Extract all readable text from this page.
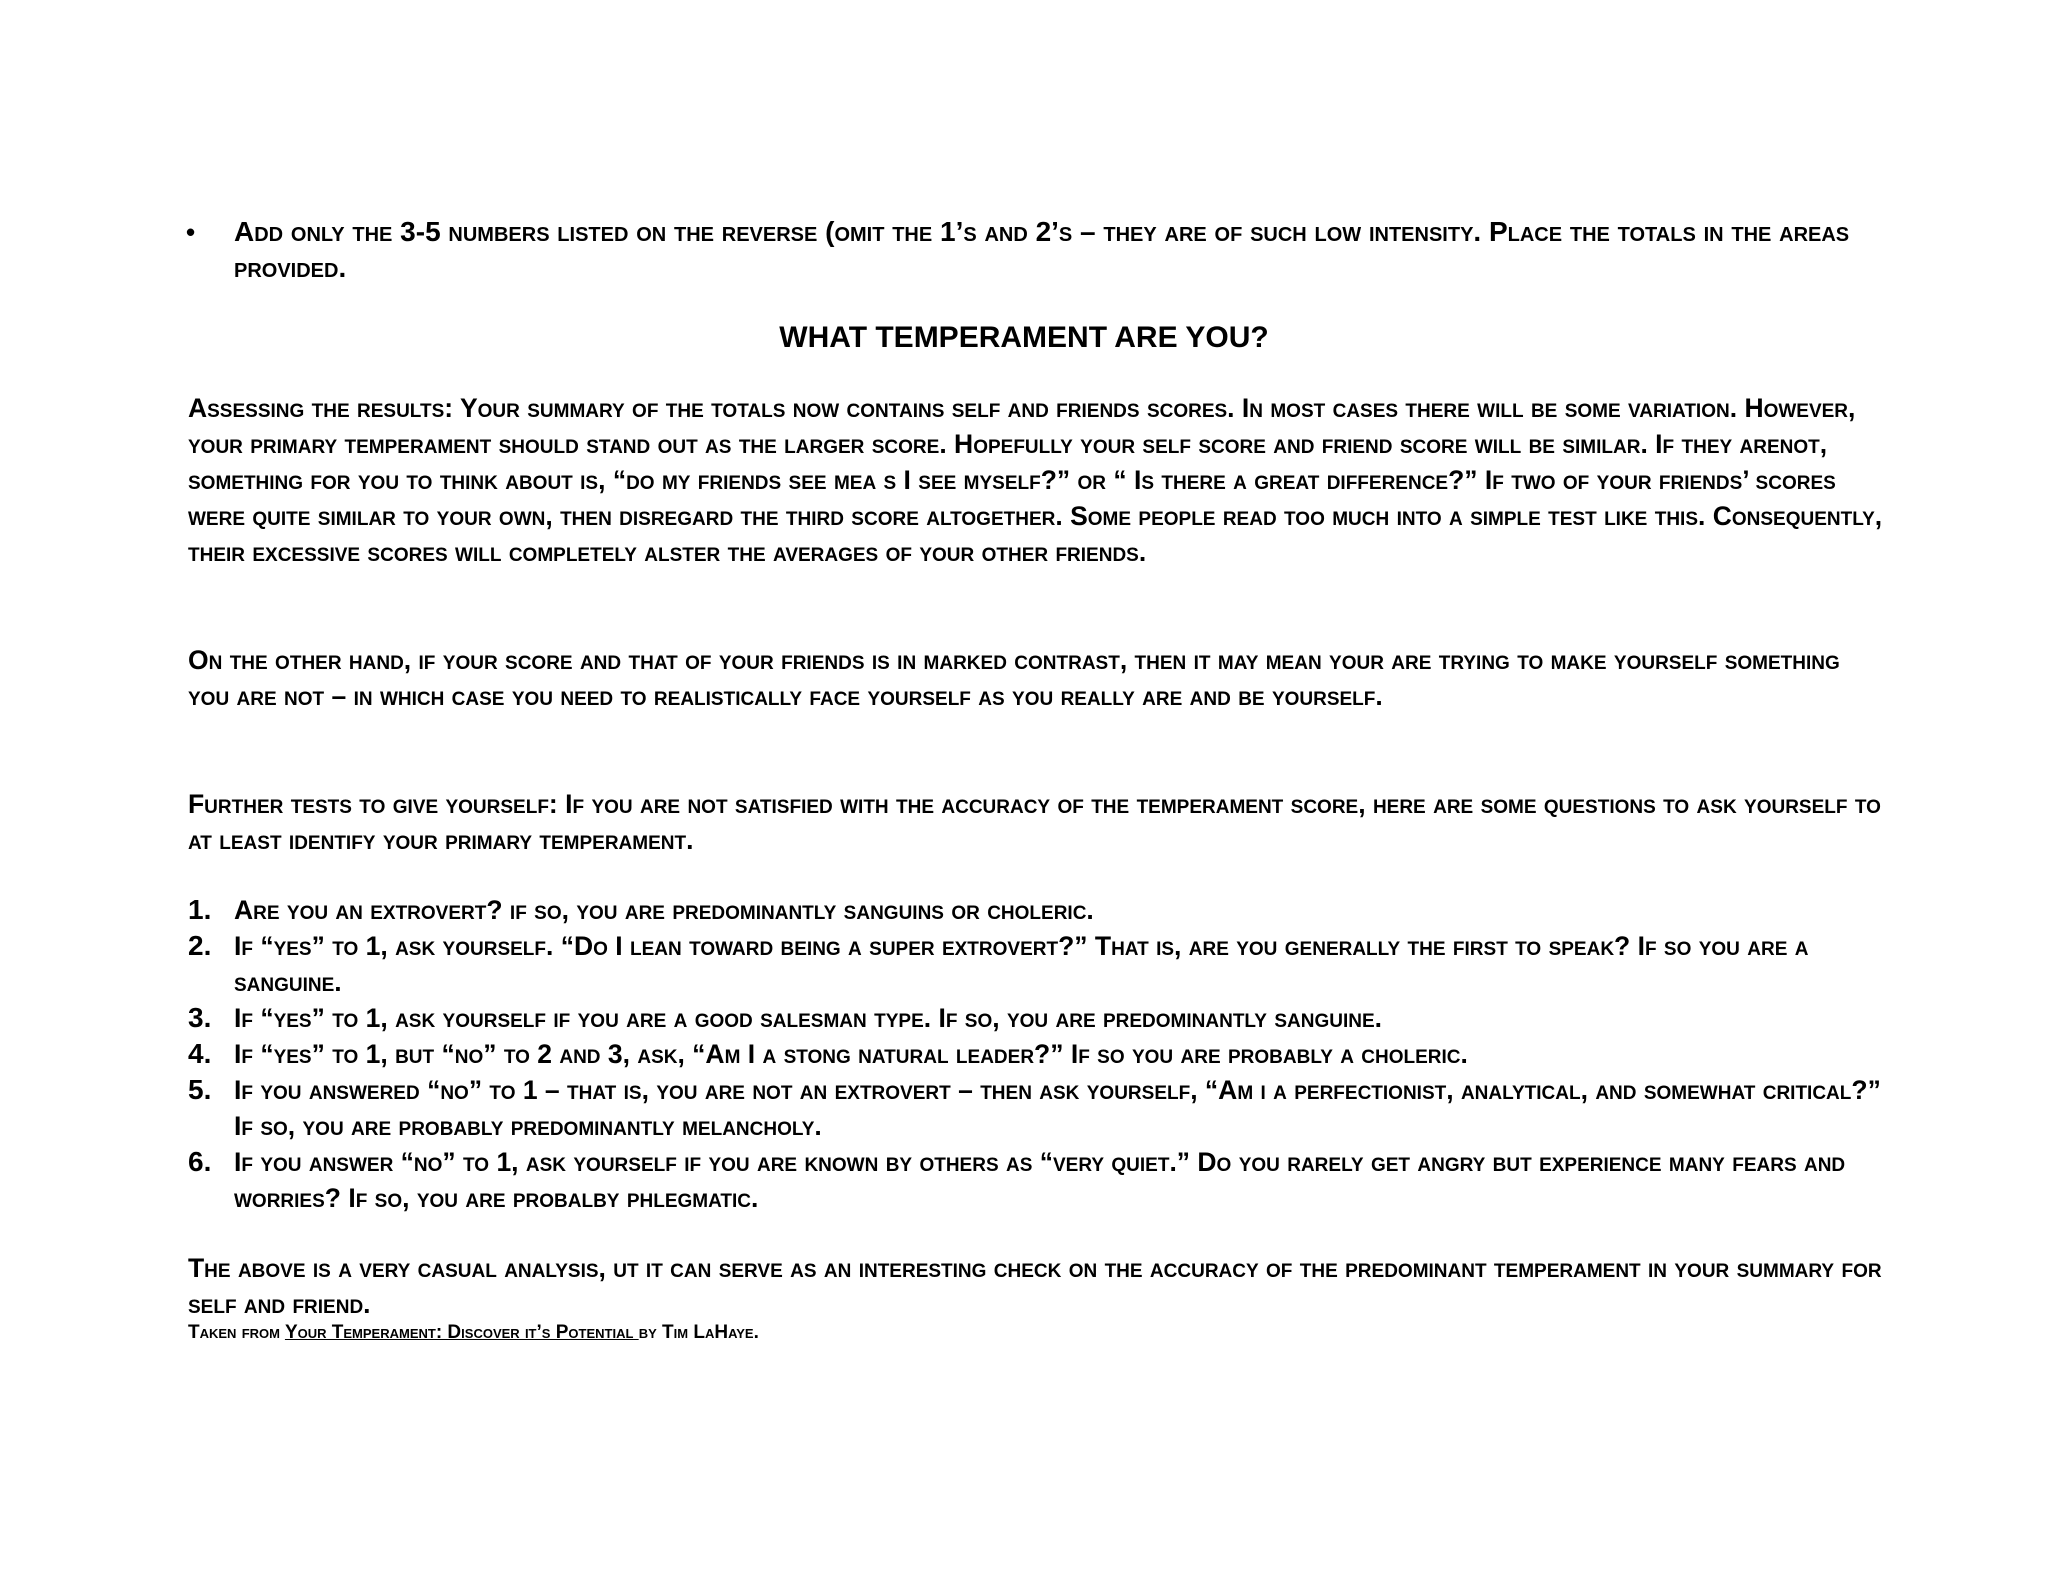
•	Add only the 3-5 numbers listed on the reverse (omit the 1’s and 2’s – they are of such low intensity. Place the totals in the areas provided.
WHAT TEMPERAMENT ARE YOU?
Assessing the results: Your summary of the totals now contains self and friends scores. In most cases there will be some variation. However, your primary temperament should stand out as the larger score. Hopefully your self score and friend score will be similar. If they arenot, something for you to think about is, “do my friends see mea s I see myself?” or “ Is there a great difference?” If two of your friends’ scores were quite similar to your own, then disregard the third score altogether. Some people read too much into a simple test like this. Consequently, their excessive scores will completely alster the averages of your other friends.
On the other hand, if your score and that of your friends is in marked contrast, then it may mean your are trying to make yourself something you are not – in which case you need to realistically face yourself as you really are and be yourself.
Further tests to give yourself: If you are not satisfied with the accuracy of the temperament score, here are some questions to ask yourself to at least identify your primary temperament.
1. Are you an extrovert? if so, you are predominantly sanguins or choleric.
2. If “yes” to 1, ask yourself. “Do I lean toward being a super extrovert?” That is, are you generally the first to speak? If so you are a sanguine.
3. If “yes” to 1, ask yourself if you are a good salesman type. If so, you are predominantly sanguine.
4. If “yes” to 1, but “no” to 2 and 3, ask, “Am I a stong natural leader?” If so you are probably a choleric.
5. If you answered “no” to 1 – that is, you are not an extrovert – then ask yourself, “Am i a perfectionist, analytical, and somewhat critical?” If so, you are probably predominantly melancholy.
6. If you answer “no” to 1, ask yourself if you are known by others as “very quiet.” Do you rarely get angry but experience many fears and worries? If so, you are probalby phlegmatic.
The above is a very casual analysis, ut it can serve as an interesting check on the accuracy of the predominant temperament in your summary for self and friend.
Taken from Your Temperament: Discover it’s Potential by Tim LaHaye.
